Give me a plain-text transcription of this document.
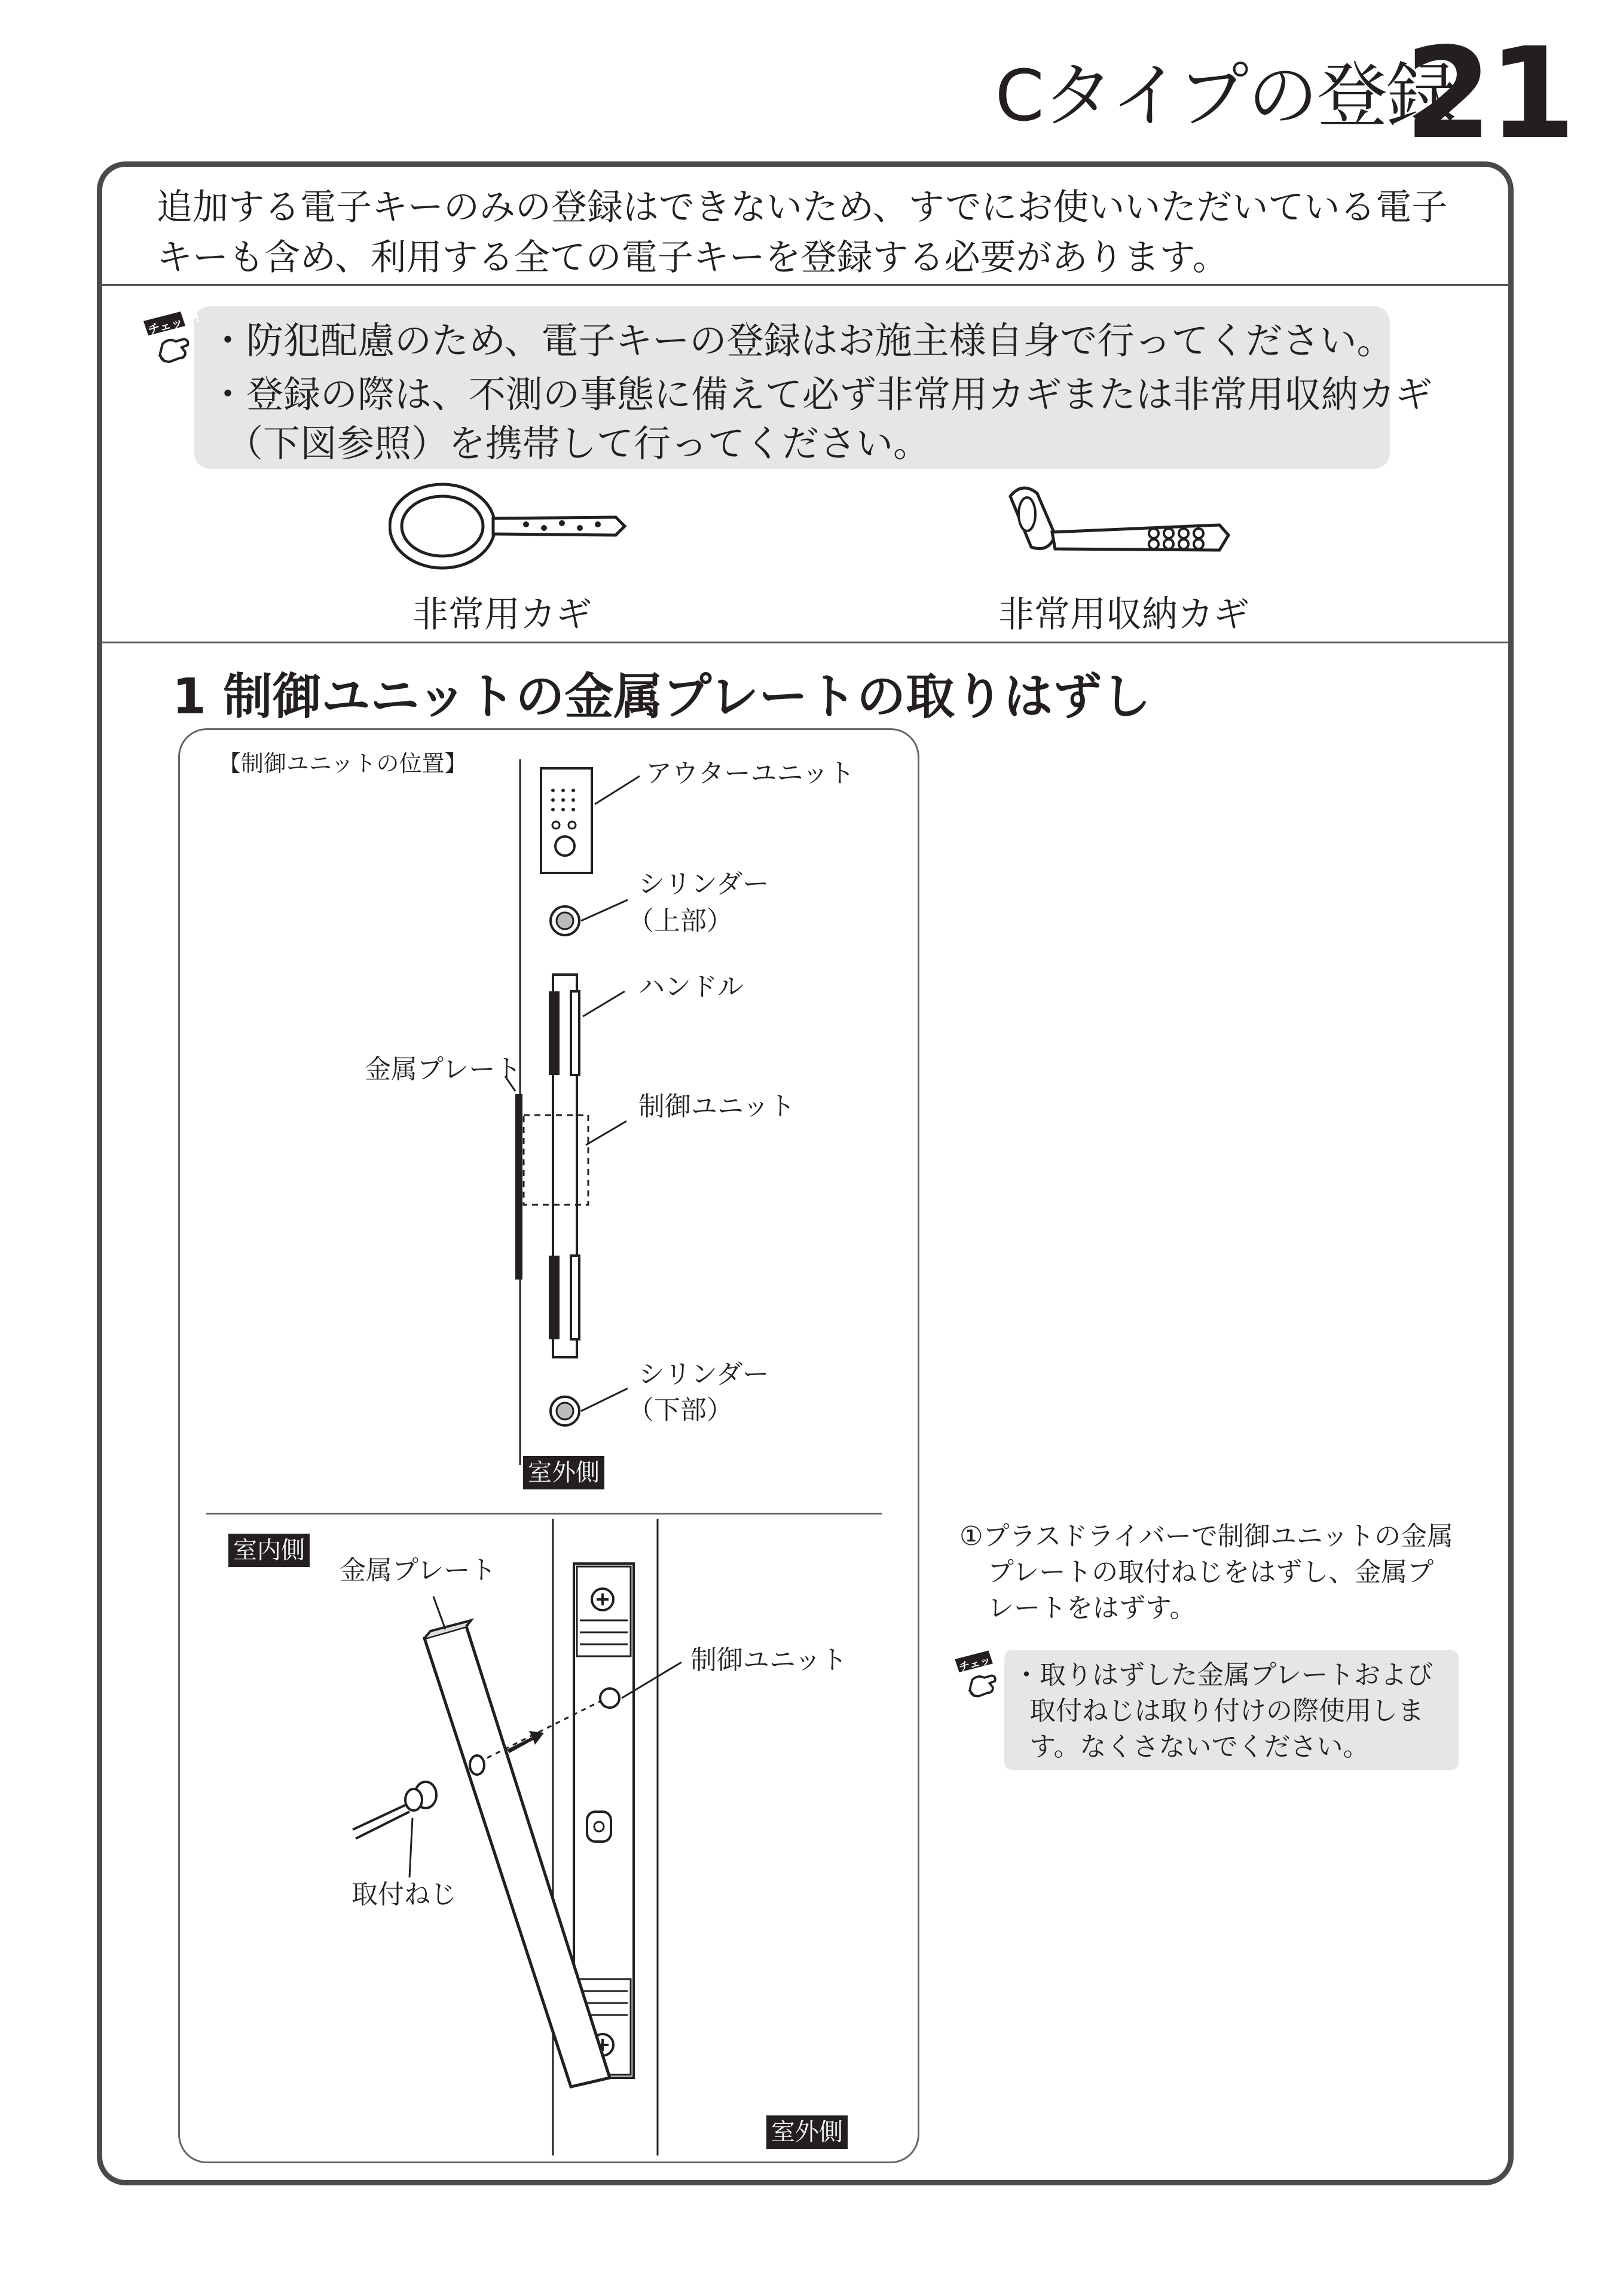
Cタイプの登録
21
追加する電子キーのみの登録はできないため、すでにお使いいただいている電子
キーも含め、利用する全ての電子キーを登録する必要があります。
チェック! ・防犯配慮のため、電子キーの登録はお施主様自身で行ってください。
・登録の際は、不測の事態に備えて必ず非常用カギまたは非常用収納カギ
（下図参照）を携帯して行ってください。
非常用カギ	非常用収納カギ
1 制御ユニットの金属プレートの取りはずし
【制御ユニットの位置】	アウターユニット
シリンダー
（上部）
ハンドル
金属プレート
制御ユニット
シリンダー
（下部）
室外側
室内側
金属プレート
制御ユニット
取付ねじ
室外側
①プラスドライバーで制御ユニットの金属
プレートの取付ねじをはずし、金属プ
レートをはずす。
チェック! ・取りはずした金属プレートおよび
取付ねじは取り付けの際使用しま
す。なくさないでください。
